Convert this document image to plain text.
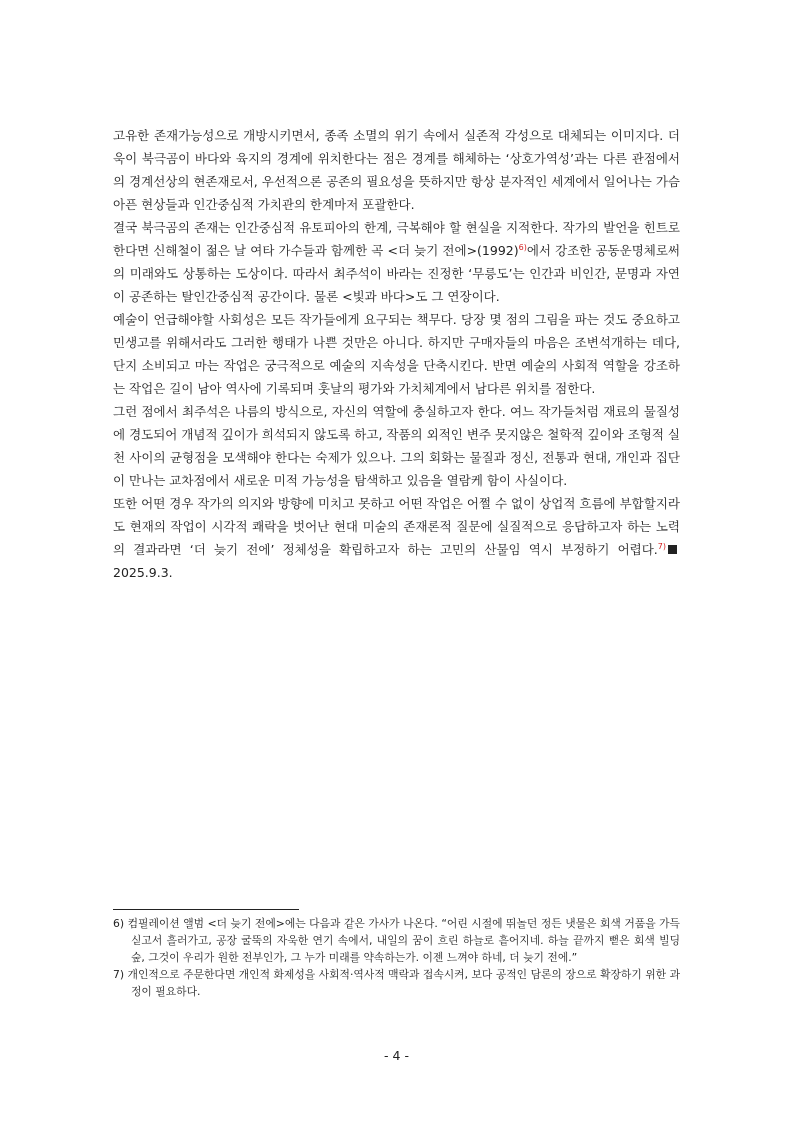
고유한 존재가능성으로 개방시키면서, 종족 소멸의 위기 속에서 실존적 각성으로 대체되는 이미지다. 더욱이 북극곰이 바다와 육지의 경계에 위치한다는 점은 경계를 해체하는 ‘상호가역성’과는 다른 관점에서의 경계선상의 현존재로서, 우선적으론 공존의 필요성을 뜻하지만 항상 분자적인 세계에서 일어나는 가슴 아픈 현상들과 인간중심적 가치관의 한계마저 포괄한다.

결국 북극곰의 존재는 인간중심적 유토피아의 한계, 극복해야 할 현실을 지적한다. 작가의 발언을 힌트로 한다면 신해철이 젊은 날 여타 가수들과 함께한 곡 <더 늦기 전에$>(1992)^{6)}$에서 강조한 공동운명체로써의 미래와도 상통하는 도상이다. 따라서 최주석이 바라는 진정한 ‘무릉도’는 인간과 비인간, 문명과 자연이 공존하는 탈인간중심적 공간이다. 물론 <빛과 바다>도 그 연장이다.

예술이 언급해야할 사회성은 모든 작가들에게 요구되는 책무다. 당장 몇 점의 그림을 파는 것도 중요하고 민생고를 위해서라도 그러한 행태가 나쁜 것만은 아니다. 하지만 구매자들의 마음은 조변석개하는 데다, 단지 소비되고 마는 작업은 궁극적으로 예술의 지속성을 단축시킨다. 반면 예술의 사회적 역할을 강조하는 작업은 길이 남아 역사에 기록되며 훗날의 평가와 가치체계에서 남다른 위치를 점한다.

그런 점에서 최주석은 나름의 방식으로, 자신의 역할에 충실하고자 한다. 여느 작가들처럼 재료의 물질성에 경도되어 개념적 깊이가 희석되지 않도록 하고, 작품의 외적인 변주 못지않은 철학적 깊이와 조형적 실천 사이의 균형점을 모색해야 한다는 숙제가 있으나. 그의 회화는 물질과 정신, 전통과 현대, 개인과 집단이 만나는 교차점에서 새로운 미적 가능성을 탐색하고 있음을 열람케 함이 사실이다.

또한 어떤 경우 작가의 의지와 방향에 미치고 못하고 어떤 작업은 어쩔 수 없이 상업적 흐름에 부합할지라도 현재의 작업이 시각적 쾌락을 벗어난 현대 미술의 존재론적 질문에 실질적으로 응답하고자 하는 노력의 결과라면 ‘더 늦기 전에’ 정체성을 확립하고자 하는 고민의 산물임 역시 부정하기 어렵다.$^{7)}$ 2025.9.3.

6) 컴필레이션 앨범 <더 늦기 전에>에는 다음과 같은 가사가 나온다. “어린 시절에 뛰놀던 정든 냇물은 회색 거품을 가득 싣고서 흘러가고, 공장 굴뚝의 자욱한 연기 속에서, 내일의 꿈이 흐린 하늘로 흩어지네. 하늘 끝까지 뻗은 회색 빌딩 숲, 그것이 우리가 원한 전부인가, 그 누가 미래를 약속하는가. 이젠 느껴야 하네, 더 늦기 전에.”

7) 개인적으로 주문한다면 개인적 화제성을 사회적·역사적 맥락과 접속시켜, 보다 공적인 담론의 장으로 확장하기 위한 과정이 필요하다.

- 4 -
